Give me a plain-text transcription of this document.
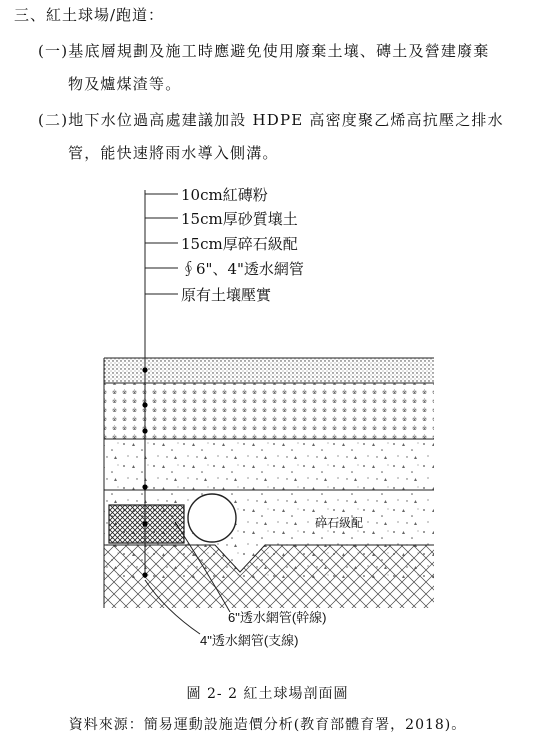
三、紅土球場/跑道：
(一)基底層規劃及施工時應避免使用廢棄土壤、磚土及營建廢棄
物及爐煤渣等。
(二)地下水位過高處建議加設 HDPE 高密度聚乙烯高抗壓之排水
管，能快速將雨水導入側溝。
10cm紅磚粉
15cm厚砂質壤土
15cm厚碎石級配
∮6"、4"透水網管
原有土壤壓實
碎石級配
6"透水網管(幹線)
4"透水網管(支線)
圖 2- 2 紅土球場剖面圖
資料來源：簡易運動設施造價分析(教育部體育署，2018)。
